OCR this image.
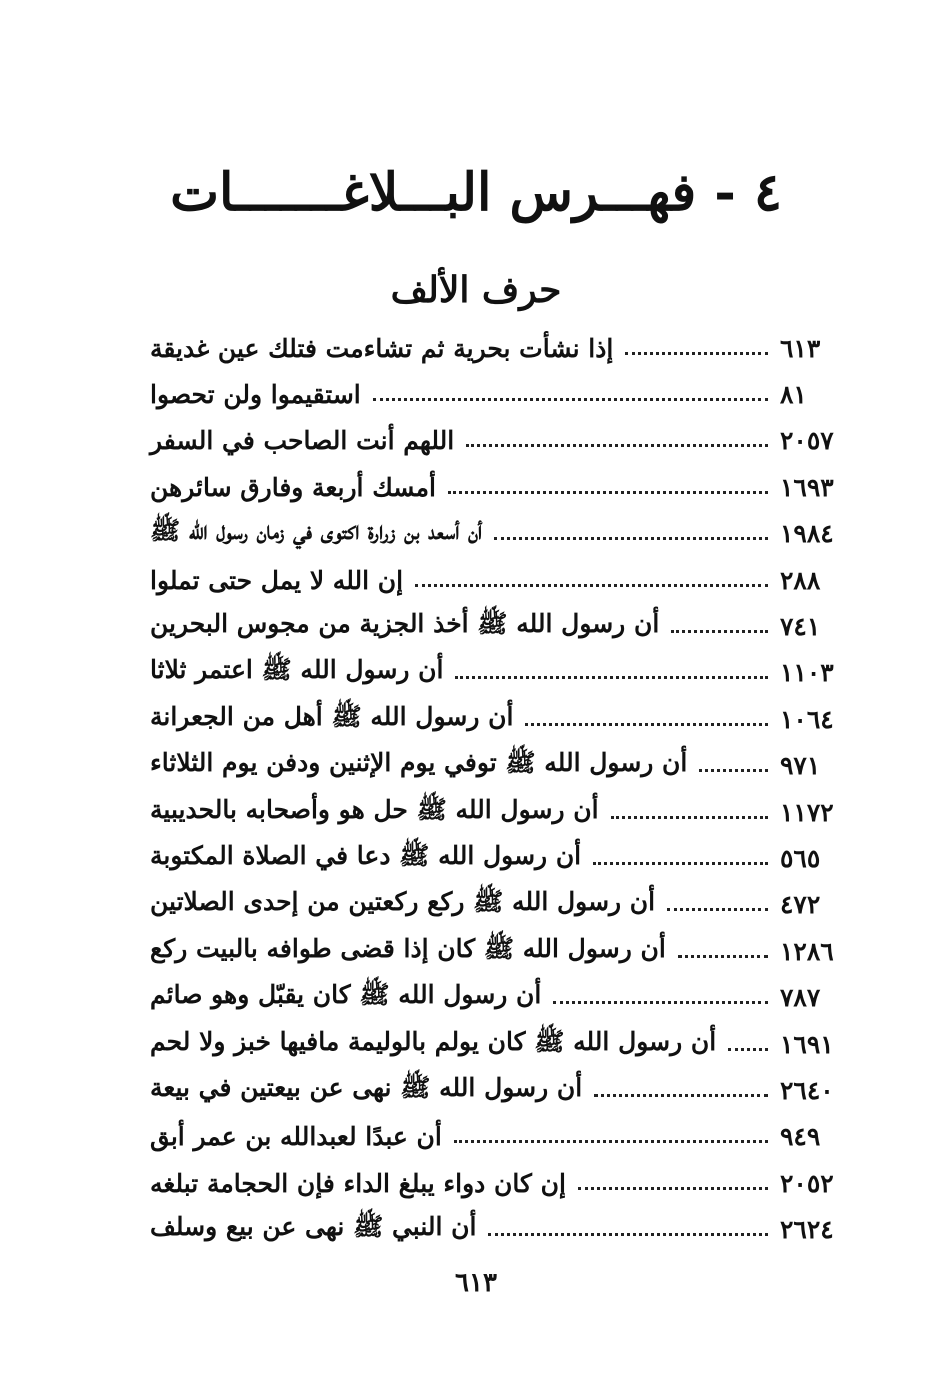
٤ - فهـــرس البـــلاغـــــــات
حرف الألف
إذا نشأت بحرية ثم تشاءمت فتلك عين غديقة	٦١٣
استقيموا ولن تحصوا	٨١
اللهم أنت الصاحب في السفر	٢٠٥٧
أمسك أربعة وفارق سائرهن	١٦٩٣
أن أسعد بن زرارة اكتوى في زمان رسول الله ﷺ	١٩٨٤
إن الله لا يمل حتى تملوا	٢٨٨
أن رسول الله ﷺ أخذ الجزية من مجوس البحرين	٧٤١
أن رسول الله ﷺ اعتمر ثلاثا	١١٠٣
أن رسول الله ﷺ أهل من الجعرانة	١٠٦٤
أن رسول الله ﷺ توفي يوم الإثنين ودفن يوم الثلاثاء	٩٧١
أن رسول الله ﷺ حل هو وأصحابه بالحديبية	١١٧٢
أن رسول الله ﷺ دعا في الصلاة المكتوبة	٥٦٥
أن رسول الله ﷺ ركع ركعتين من إحدى الصلاتين	٤٧٢
أن رسول الله ﷺ كان إذا قضى طوافه بالبيت ركع	١٢٨٦
أن رسول الله ﷺ كان يقبّل وهو صائم	٧٨٧
أن رسول الله ﷺ كان يولم بالوليمة مافيها خبز ولا لحم	١٦٩١
أن رسول الله ﷺ نهى عن بيعتين في بيعة	٢٦٤٠
أن عبدًا لعبدالله بن عمر أبق	٩٤٩
إن كان دواء يبلغ الداء فإن الحجامة تبلغه	٢٠٥٢
أن النبي ﷺ نهى عن بيع وسلف	٢٦٢٤
٦١٣
